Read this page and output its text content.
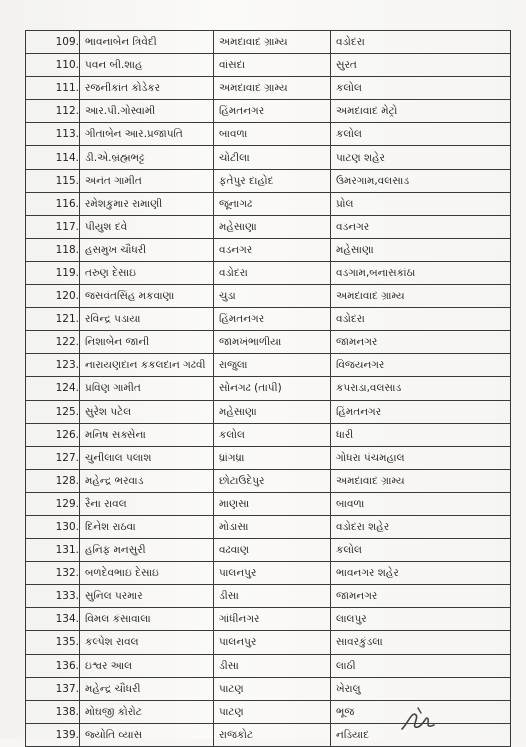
109.	ભાવનાબેન ત્રિવેદી	અમદાવાદ ગ્રામ્ય	વડોદરા
110.	પવન બી.શાહ	વાંસદા	સુરત
111.	રજનીકાંત કોડેકર	અમદાવાદ ગ્રામ્ય	કલોલ
112.	આર.પી.ગોસ્વામી	હિંમતનગર	અમદાવાદ મેટ્રો
113.	ગીતાબેન આર.પ્રજાપતિ	બાવળા	કલોલ
114.	ડી.એ.બ્રહ્મભટ્ટ	ચોટીલા	પાટણ શહેર
115.	અનંત ગામીત	ફતેપુર દાહોદ	ઉમરગામ,વલસાડ
116.	રમેશકુમાર રામાણી	જૂનાગઢ	પ્રોલ
117.	પીયુશ દવે	મહેસાણા	વડનગર
118.	હસમુખ ચૌધરી	વડનગર	મહેસાણા
119.	તરુણ દેસાઇ	વડોદરા	વડગામ,બનાસકાંઠા
120.	જસવંતસિંહ મકવાણા	ચુડા	અમદાવાદ ગ્રામ્ય
121.	રવિન્દ્ર પડાયા	હિંમતનગર	વડોદરા
122.	નિશાબેન જાની	જામખંભાળીયા	જામનગર
123.	નારાયણદાન કકલદાન ગઢવી	રાજુલા	વિજયનગર
124.	પ્રવિણ ગામીત	સોનગઢ (તાપી)	કપરાડા,વલસાડ
125.	સુરેશ પટેલ	મહેસાણા	હિંમતનગર
126.	મનિષ સક્સેના	કલોલ	ધારી
127.	ચુનીલાલ પલાશ	ધ્રાંગધ્રા	ગોધરા પંચમહાલ
128.	મહેન્દ્ર ભરવાડ	છોટાઉદેપુર	અમદાવાદ ગ્રામ્ય
129.	રૈના રાવલ	માણસા	બાવળા
130.	દિનેશ રાઠવા	મોડાસા	વડોદરા શહેર
131.	હનિફ મનસુરી	વઢવાણ	કલોલ
132.	બળદેવભાઇ દેસાઇ	પાલનપુર	ભાવનગર શહેર
133.	સુનિલ પરમાર	ડીસા	જામનગર
134.	વિમલ કંસાવાલા	ગાંધીનગર	લાલપુર
135.	કલ્પેશ રાવલ	પાલનપુર	સાવરકુંડલા
136.	ઇશ્વર આલ	ડીસા	લાઠી
137.	મહેન્દ્ર ચૌધરી	પાટણ	ખેરાલુ
138.	મોઘજી કોરોટ	પાટણ	ભૂજ
139.	જ્યોતિ વ્યાસ	રાજકોટ	નડિયાદ
